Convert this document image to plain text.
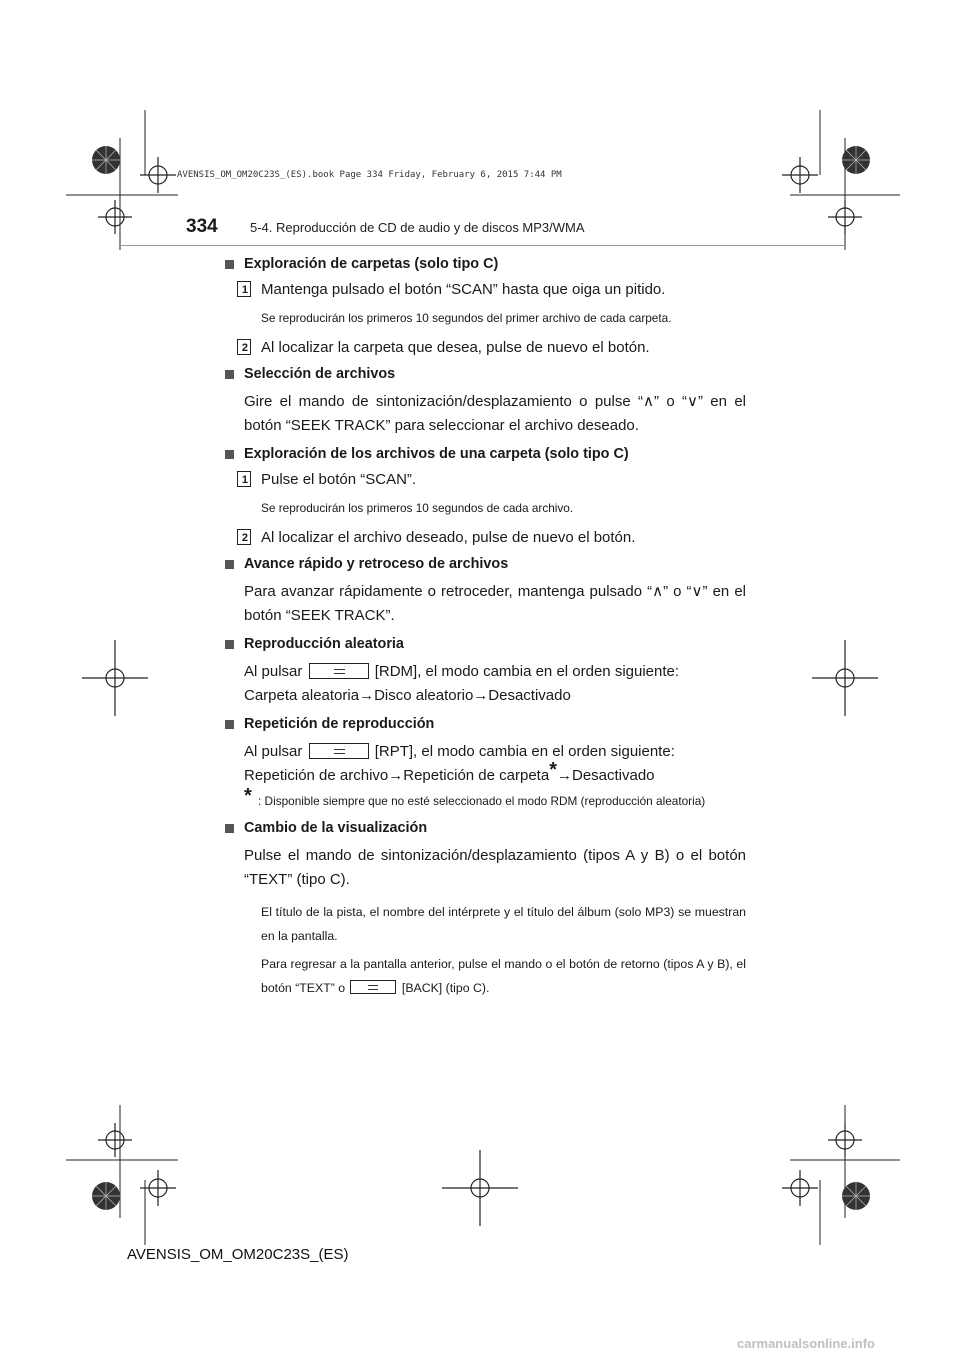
AVENSIS_OM_OM20C23S_(ES).book Page 334 Friday, February 6, 2015 7:44 PM
334 5-4. Reproducción de CD de audio y de discos MP3/WMA
Exploración de carpetas (solo tipo C)
1 Mantenga pulsado el botón “SCAN” hasta que oiga un pitido.
Se reproducirán los primeros 10 segundos del primer archivo de cada carpeta.
2 Al localizar la carpeta que desea, pulse de nuevo el botón.
Selección de archivos
Gire el mando de sintonización/desplazamiento o pulse “∧” o “∨” en el botón “SEEK TRACK” para seleccionar el archivo deseado.
Exploración de los archivos de una carpeta (solo tipo C)
1 Pulse el botón “SCAN”.
Se reproducirán los primeros 10 segundos de cada archivo.
2 Al localizar el archivo deseado, pulse de nuevo el botón.
Avance rápido y retroceso de archivos
Para avanzar rápidamente o retroceder, mantenga pulsado “∧” o “∨” en el botón “SEEK TRACK”.
Reproducción aleatoria
Al pulsar	[RDM], el modo cambia en el orden siguiente:
Carpeta aleatoria→Disco aleatorio→Desactivado
Repetición de reproducción
Al pulsar	[RPT], el modo cambia en el orden siguiente:
Repetición de archivo→Repetición de carpeta*→Desactivado
* : Disponible siempre que no esté seleccionado el modo RDM (reproducción aleatoria)
Cambio de la visualización
Pulse el mando de sintonización/desplazamiento (tipos A y B) o el botón “TEXT” (tipo C).
El título de la pista, el nombre del intérprete y el título del álbum (solo MP3) se muestran en la pantalla.
Para regresar a la pantalla anterior, pulse el mando o el botón de retorno (tipos A y B), el botón “TEXT” o	[BACK] (tipo C).
AVENSIS_OM_OM20C23S_(ES)
carmanualsonline.info
